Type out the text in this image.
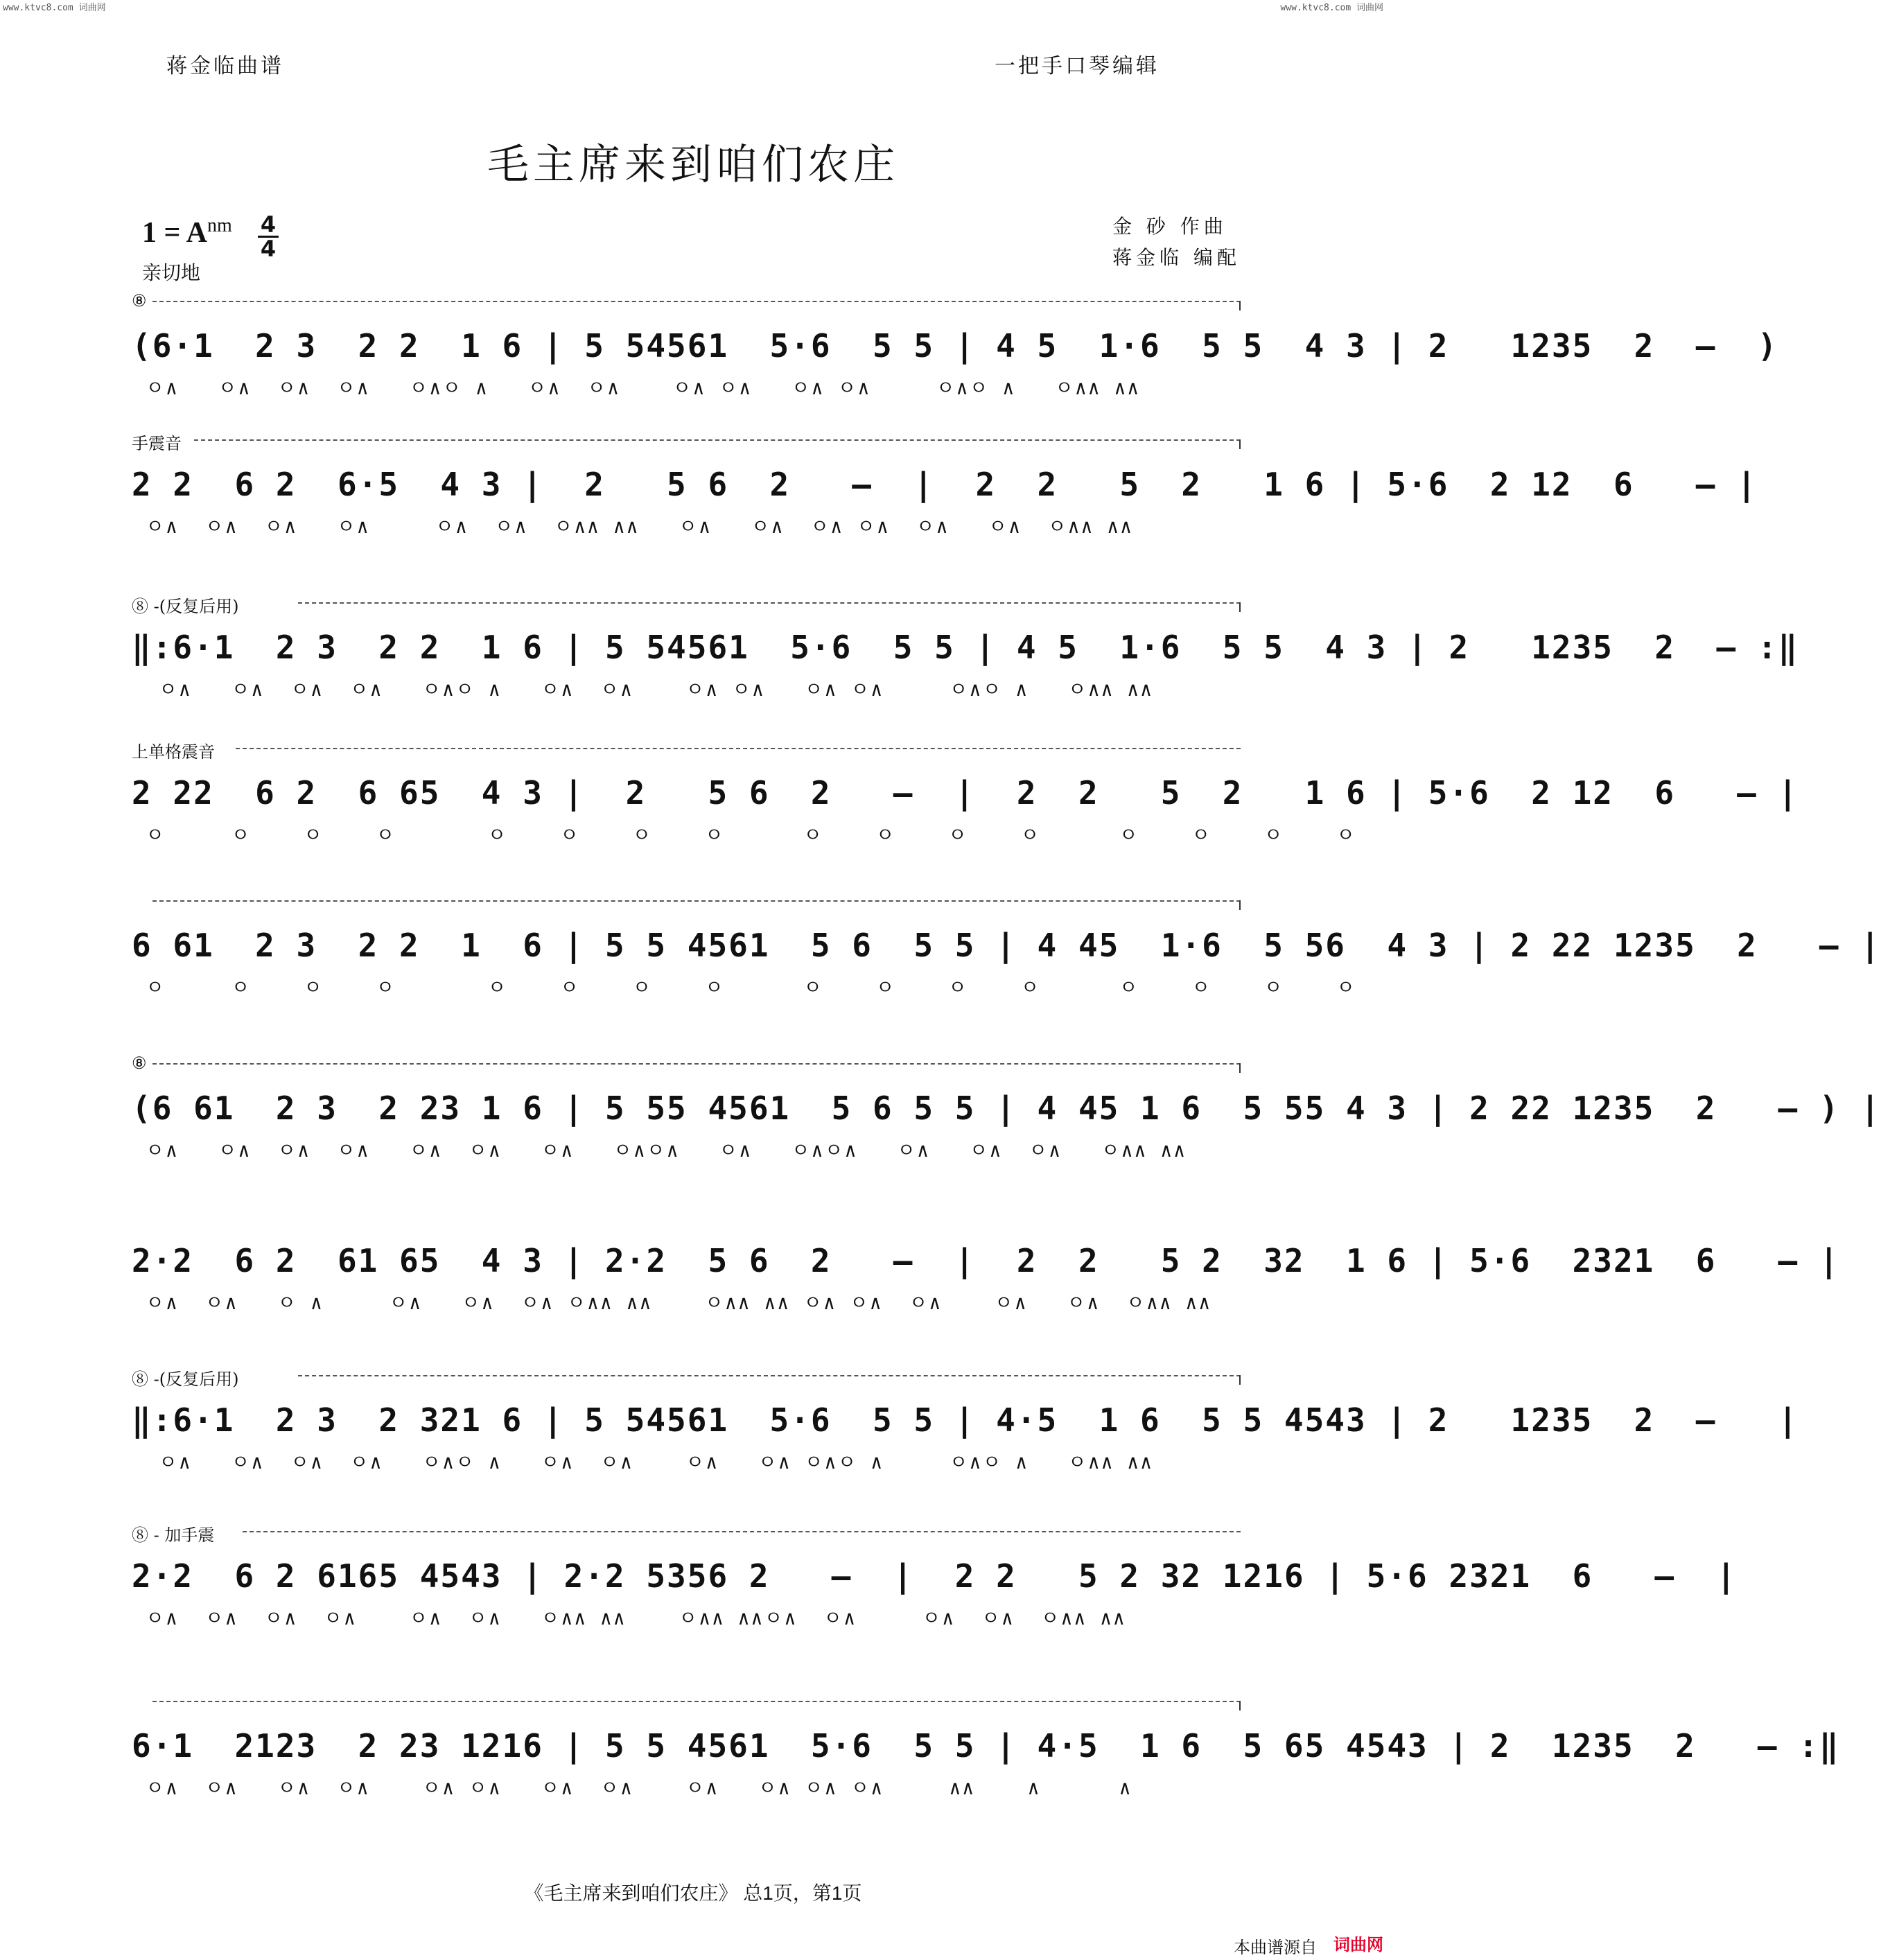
www.ktvc8.com 词曲网	www.ktvc8.com 词曲网
蒋金临曲谱	一把手口琴编辑
毛主席来到咱们农庄
$1 = A^{nm}$ 4
4
亲切地
金 砂 作曲
蒋金临 编配
⑧
(6·1  2 3  2 2  1 6 | 5 54561  5·6  5 5 | 4 5  1·6  5 5  4 3 | 2   1235  2  –  )
ㅇ∧   ㅇ∧  ㅇ∧  ㅇ∧   ㅇ∧ㅇ ∧   ㅇ∧  ㅇ∧    ㅇ∧ ㅇ∧   ㅇ∧ ㅇ∧     ㅇ∧ㅇ ∧   ㅇ∧∧ ∧∧
手震音
2 2  6 2  6·5  4 3 |  2   5 6  2   –  |  2  2   5  2   1 6 | 5·6  2 12  6   – |
ㅇ∧  ㅇ∧  ㅇ∧   ㅇ∧     ㅇ∧  ㅇ∧  ㅇ∧∧ ∧∧   ㅇ∧   ㅇ∧  ㅇ∧ ㅇ∧  ㅇ∧   ㅇ∧  ㅇ∧∧ ∧∧
⑧ -(反复后用)
‖:6·1  2 3  2 2  1 6 | 5 54561  5·6  5 5 | 4 5  1·6  5 5  4 3 | 2   1235  2  – :‖
ㅇ∧   ㅇ∧  ㅇ∧  ㅇ∧   ㅇ∧ㅇ ∧   ㅇ∧  ㅇ∧    ㅇ∧ ㅇ∧   ㅇ∧ ㅇ∧     ㅇ∧ㅇ ∧   ㅇ∧∧ ∧∧
上单格震音
2 22  6 2  6 65  4 3 |  2   5 6  2   –  |  2  2   5  2   1 6 | 5·6  2 12  6   – |
ㅇ     ㅇ    ㅇ    ㅇ       ㅇ    ㅇ    ㅇ    ㅇ      ㅇ    ㅇ    ㅇ    ㅇ      ㅇ    ㅇ    ㅇ    ㅇ
6 61  2 3  2 2  1  6 | 5 5 4561  5 6  5 5 | 4 45  1·6  5 56  4 3 | 2 22 1235  2   – |
ㅇ     ㅇ    ㅇ    ㅇ       ㅇ    ㅇ    ㅇ    ㅇ      ㅇ    ㅇ    ㅇ    ㅇ      ㅇ    ㅇ    ㅇ    ㅇ
⑧
(6 61  2 3  2 23 1 6 | 5 55 4561  5 6 5 5 | 4 45 1 6  5 55 4 3 | 2 22 1235  2   – ) |
ㅇ∧   ㅇ∧  ㅇ∧  ㅇ∧   ㅇ∧  ㅇ∧   ㅇ∧   ㅇ∧ㅇ∧   ㅇ∧   ㅇ∧ㅇ∧   ㅇ∧   ㅇ∧  ㅇ∧   ㅇ∧∧ ∧∧
2·2  6 2  61 65  4 3 | 2·2  5 6  2   –  |  2  2   5 2  32  1 6 | 5·6  2321  6   – |
ㅇ∧  ㅇ∧   ㅇ ∧     ㅇ∧   ㅇ∧  ㅇ∧ ㅇ∧∧ ∧∧    ㅇ∧∧ ∧∧ ㅇ∧ ㅇ∧  ㅇ∧    ㅇ∧   ㅇ∧  ㅇ∧∧ ∧∧
⑧ -(反复后用)
‖:6·1  2 3  2 321 6 | 5 54561  5·6  5 5 | 4·5  1 6  5 5 4543 | 2   1235  2  –   |
ㅇ∧   ㅇ∧  ㅇ∧  ㅇ∧   ㅇ∧ㅇ ∧   ㅇ∧  ㅇ∧    ㅇ∧   ㅇ∧ ㅇ∧ㅇ ∧     ㅇ∧ㅇ ∧   ㅇ∧∧ ∧∧
⑧ - 加手震
2·2  6 2 6165 4543 | 2·2 5356 2   –  |  2 2   5 2 32 1216 | 5·6 2321  6   –  |
ㅇ∧  ㅇ∧  ㅇ∧  ㅇ∧    ㅇ∧  ㅇ∧   ㅇ∧∧ ∧∧    ㅇ∧∧ ∧∧ㅇ∧  ㅇ∧     ㅇ∧  ㅇ∧  ㅇ∧∧ ∧∧
6·1  2123  2 23 1216 | 5 5 4561  5·6  5 5 | 4·5  1 6  5 65 4543 | 2  1235  2   – :‖
ㅇ∧  ㅇ∧   ㅇ∧  ㅇ∧    ㅇ∧ ㅇ∧   ㅇ∧  ㅇ∧    ㅇ∧   ㅇ∧ ㅇ∧ ㅇ∧     ∧∧    ∧      ∧
《毛主席来到咱们农庄》 总1页，第1页
本曲谱源自 词曲网
